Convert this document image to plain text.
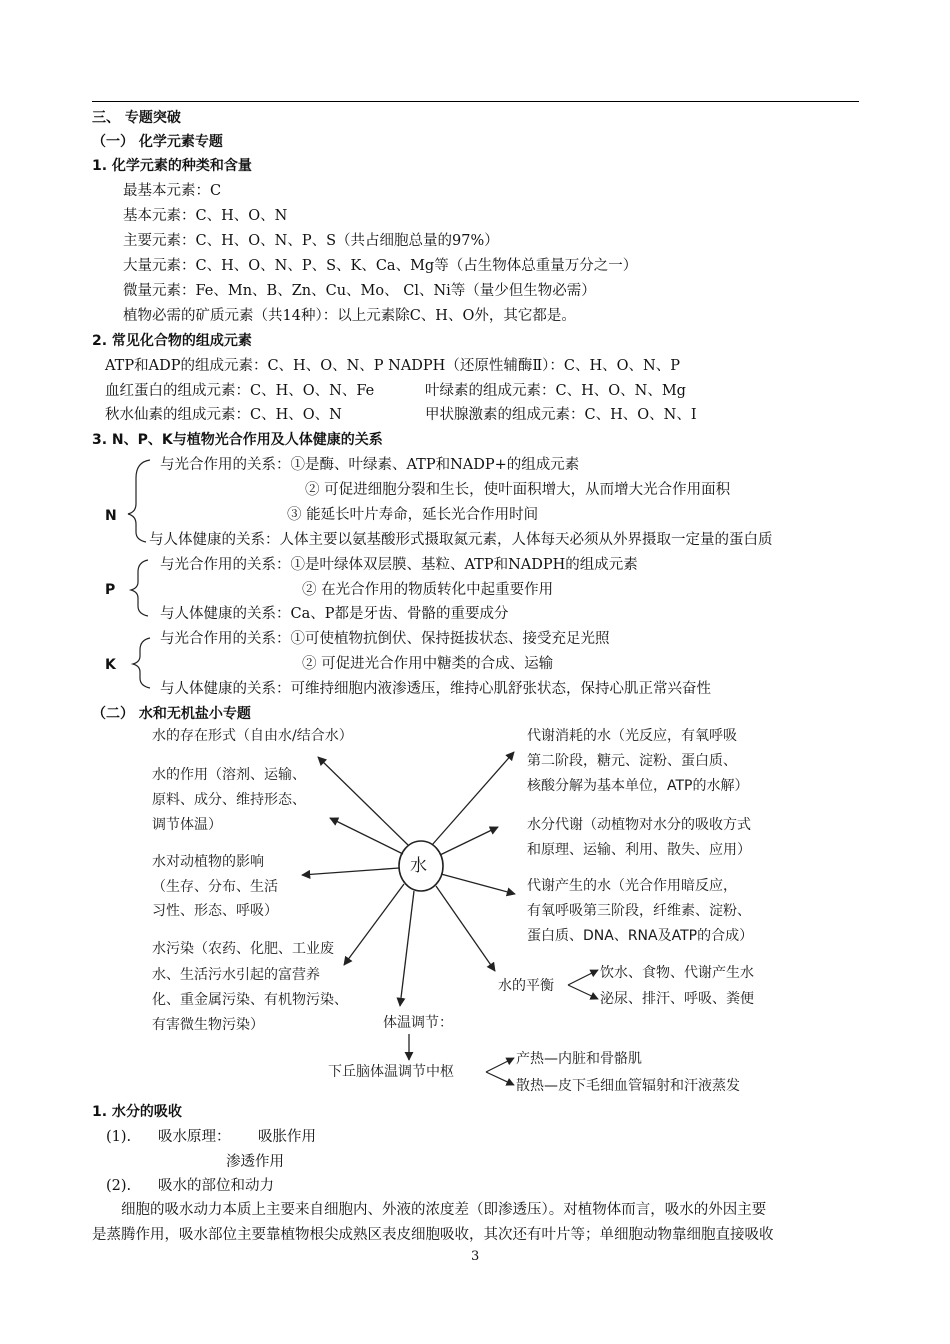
三、 专题突破
（一） 化学元素专题
1. 化学元素的种类和含量
最基本元素：C
基本元素：C、H、O、N
主要元素：C、H、O、N、P、S（共占细胞总量的97%）
大量元素：C、H、O、N、P、S、K、Ca、Mg等（占生物体总重量万分之一）
微量元素：Fe、Mn、B、Zn、Cu、Mo、 Cl、Ni等（量少但生物必需）
植物必需的矿质元素（共14种）：以上元素除C、H、O外，其它都是。
2. 常见化合物的组成元素
ATP和ADP的组成元素：C、H、O、N、P NADPH（还原性辅酶Ⅱ）：C、H、O、N、P
血红蛋白的组成元素：C、H、O、N、Fe	叶绿素的组成元素：C、H、O、N、Mg
秋水仙素的组成元素：C、H、O、N	甲状腺激素的组成元素：C、H、O、N、I
3. N、P、K与植物光合作用及人体健康的关系
N
与光合作用的关系：①是酶、叶绿素、ATP和NADP+的组成元素
② 可促进细胞分裂和生长，使叶面积增大，从而增大光合作用面积
③ 能延长叶片寿命，延长光合作用时间
与人体健康的关系：人体主要以氨基酸形式摄取氮元素，人体每天必须从外界摄取一定量的蛋白质
P
与光合作用的关系：①是叶绿体双层膜、基粒、ATP和NADPH的组成元素
② 在光合作用的物质转化中起重要作用
与人体健康的关系：Ca、P都是牙齿、骨骼的重要成分
K
与光合作用的关系：①可使植物抗倒伏、保持挺拔状态、接受充足光照
② 可促进光合作用中糖类的合成、运输
与人体健康的关系：可维持细胞内液渗透压，维持心肌舒张状态，保持心肌正常兴奋性
（二） 水和无机盐小专题
水
水的存在形式（自由水/结合水）
水的作用（溶剂、运输、
原料、成分、维持形态、
调节体温）
水对动植物的影响
（生存、分布、生活
习性、形态、呼吸）
水污染（农药、化肥、工业废
水、生活污水引起的富营养
化、重金属污染、有机物污染、
有害微生物污染）
代谢消耗的水（光反应，有氧呼吸
第二阶段，糖元、淀粉、蛋白质、
核酸分解为基本单位，ATP的水解）
水分代谢（动植物对水分的吸收方式
和原理、运输、利用、散失、应用）
代谢产生的水（光合作用暗反应，
有氧呼吸第三阶段，纤维素、淀粉、
蛋白质、DNA、RNA及ATP的合成）
水的平衡
饮水、食物、代谢产生水
泌尿、排汗、呼吸、粪便
体温调节：
下丘脑体温调节中枢
产热—内脏和骨骼肌
散热—皮下毛细血管辐射和汗液蒸发
1. 水分的吸收
(1). 吸水原理： 吸胀作用
渗透作用
(2). 吸水的部位和动力
细胞的吸水动力本质上主要来自细胞内、外液的浓度差（即渗透压）。对植物体而言，吸水的外因主要
是蒸腾作用，吸水部位主要靠植物根尖成熟区表皮细胞吸收，其次还有叶片等；单细胞动物靠细胞直接吸收
3
